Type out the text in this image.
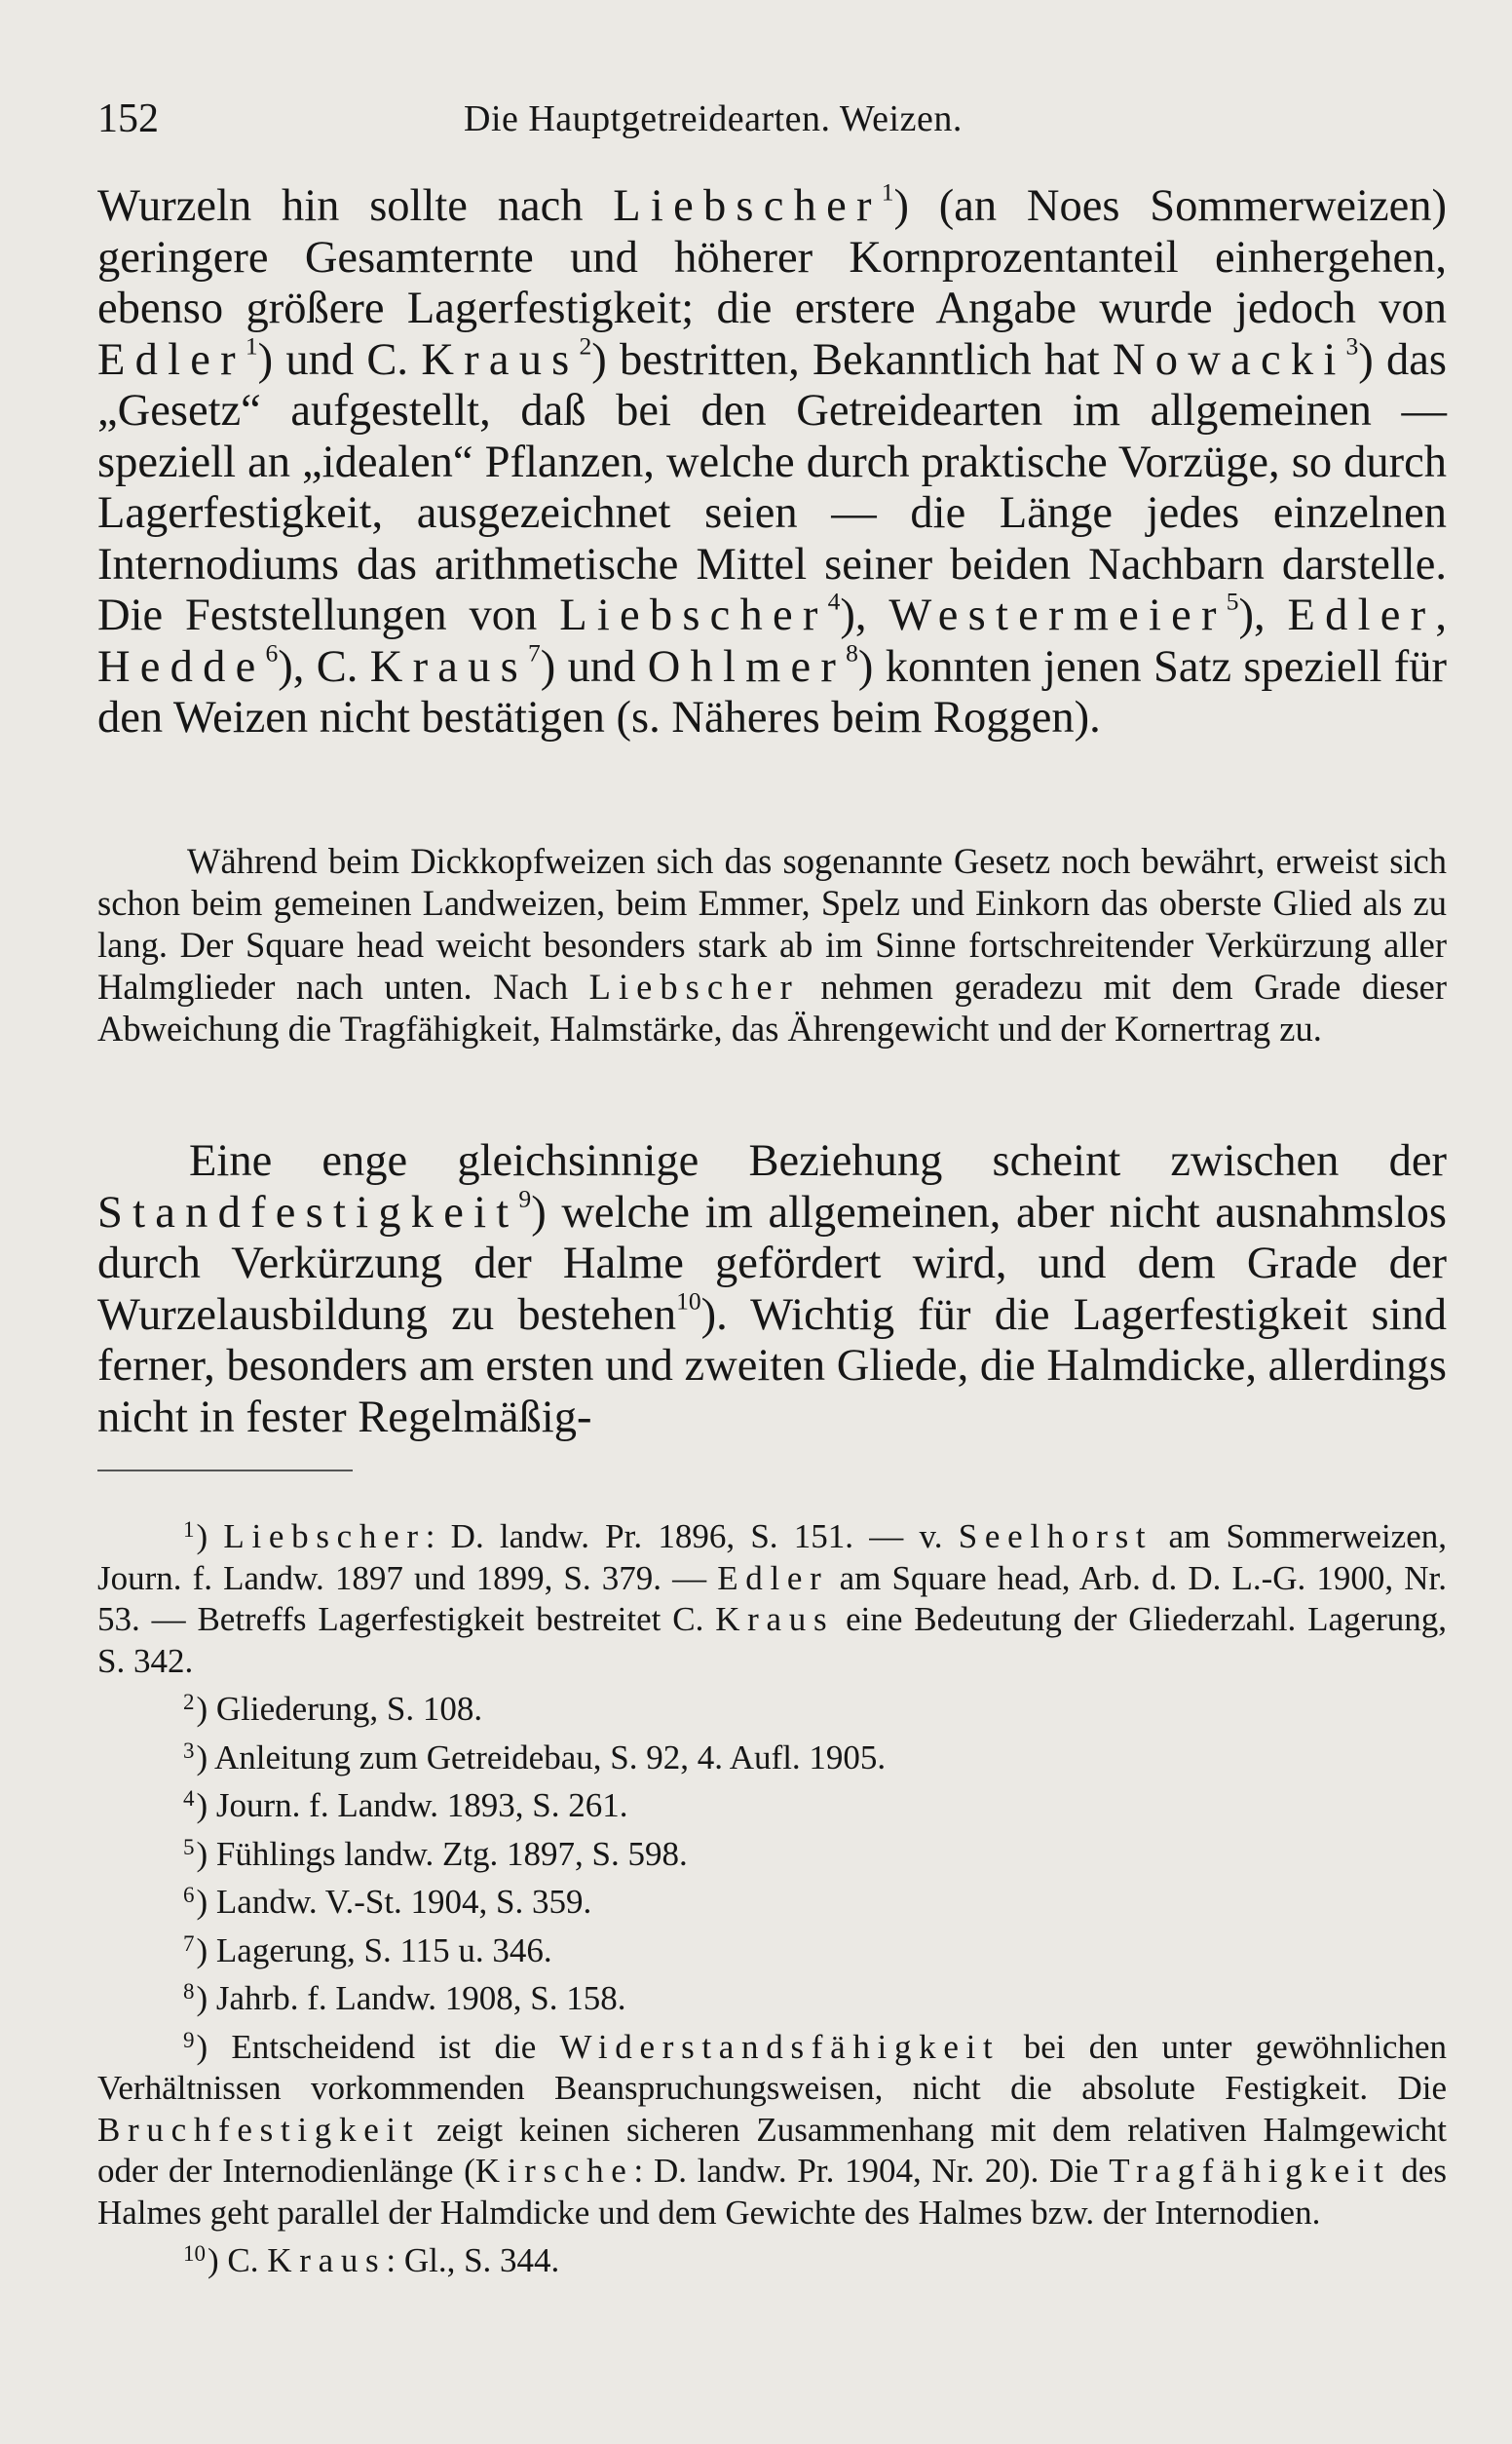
152	Die Hauptgetreidearten. Weizen.

Wurzeln hin sollte nach Liebscher$^1$) (an Noes Sommerweizen) geringere Gesamternte und höherer Kornprozentanteil einhergehen, ebenso größere Lagerfestigkeit; die erstere Angabe wurde jedoch von Edler$^1$) und C. Kraus$^2$) bestritten, Bekanntlich hat Nowacki$^3$) das „Gesetz“ aufgestellt, daß bei den Getreidearten im allgemeinen — speziell an „idealen“ Pflanzen, welche durch praktische Vorzüge, so durch Lagerfestigkeit, ausgezeichnet seien — die Länge jedes einzelnen Internodiums das arithmetische Mittel seiner beiden Nachbarn darstelle. Die Feststellungen von Liebscher$^4$), Westermeier$^5$), Edler, Hedde$^6$), C. Kraus$^7$) und Ohlmer$^8$) konnten jenen Satz speziell für den Weizen nicht bestätigen (s. Näheres beim Roggen).

Während beim Dickkopfweizen sich das sogenannte Gesetz noch bewährt, erweist sich schon beim gemeinen Landweizen, beim Emmer, Spelz und Einkorn das oberste Glied als zu lang. Der Square head weicht besonders stark ab im Sinne fortschreitender Verkürzung aller Halmglieder nach unten. Nach Liebscher nehmen geradezu mit dem Grade dieser Abweichung die Tragfähigkeit, Halmstärke, das Ährengewicht und der Kornertrag zu.

Eine enge gleichsinnige Beziehung scheint zwischen der Standfestigkeit$^9$) welche im allgemeinen, aber nicht ausnahmslos durch Verkürzung der Halme gefördert wird, und dem Grade der Wurzelausbildung zu bestehen$^{10}$). Wichtig für die Lagerfestigkeit sind ferner, besonders am ersten und zweiten Gliede, die Halmdicke, allerdings nicht in fester Regelmäßig-

$^1$) Liebscher: D. landw. Pr. 1896, S. 151. — v. Seelhorst am Sommerweizen, Journ. f. Landw. 1897 und 1899, S. 379. — Edler am Square head, Arb. d. D. L.-G. 1900, Nr. 53. — Betreffs Lagerfestigkeit bestreitet C. Kraus eine Bedeutung der Gliederzahl. Lagerung, S. 342.

$^2$) Gliederung, S. 108.

$^3$) Anleitung zum Getreidebau, S. 92, 4. Aufl. 1905.

$^4$) Journ. f. Landw. 1893, S. 261.

$^5$) Fühlings landw. Ztg. 1897, S. 598.

$^6$) Landw. V.-St. 1904, S. 359.

$^7$) Lagerung, S. 115 u. 346.

$^8$) Jahrb. f. Landw. 1908, S. 158.

$^9$) Entscheidend ist die Widerstandsfähigkeit bei den unter gewöhnlichen Verhältnissen vorkommenden Beanspruchungsweisen, nicht die absolute Festigkeit. Die Bruchfestigkeit zeigt keinen sicheren Zusammenhang mit dem relativen Halmgewicht oder der Internodienlänge (Kirsche: D. landw. Pr. 1904, Nr. 20). Die Tragfähigkeit des Halmes geht parallel der Halmdicke und dem Gewichte des Halmes bzw. der Internodien.

$^{10}$) C. Kraus: Gl., S. 344.
